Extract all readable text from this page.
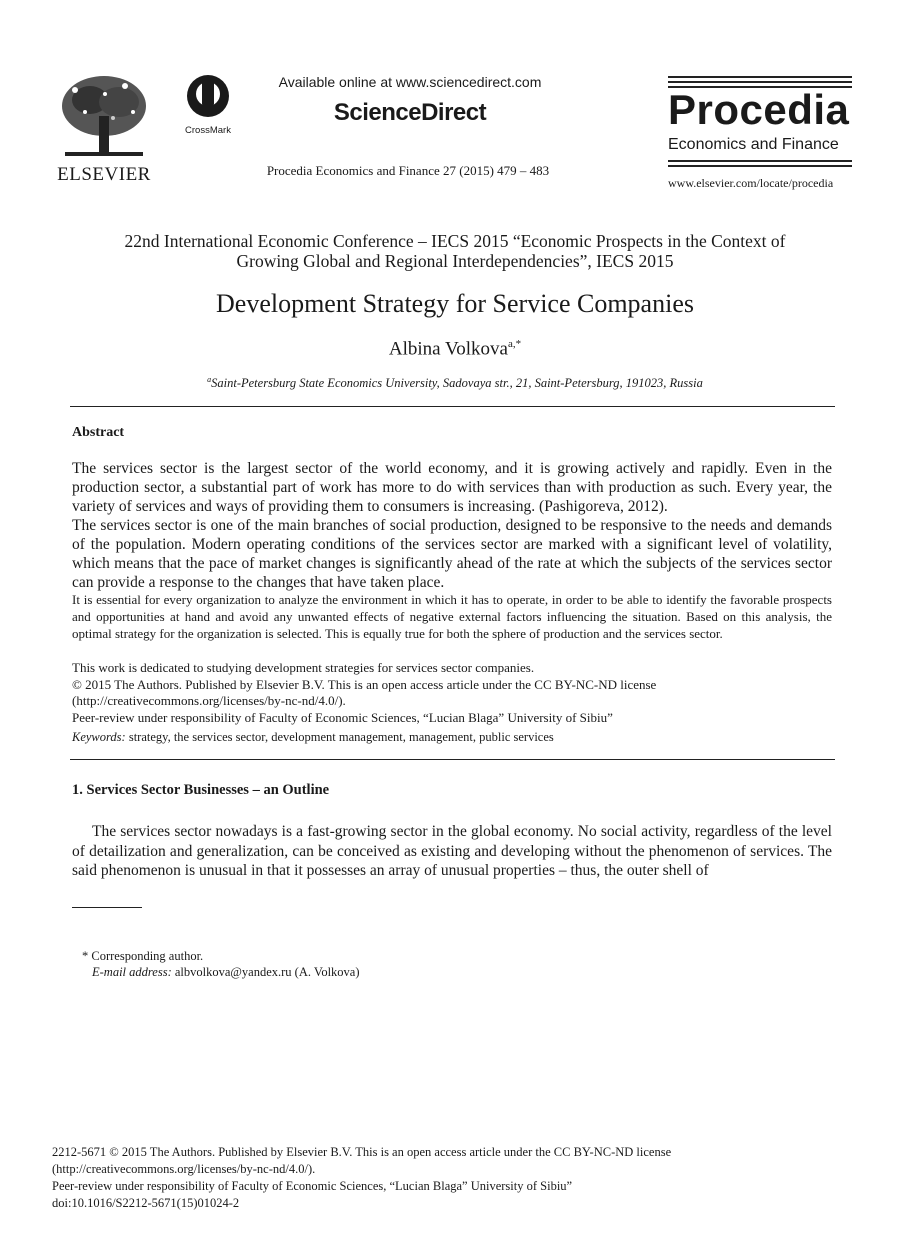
ELSEVIER
CrossMark
Available online at www.sciencedirect.com
ScienceDirect
Procedia Economics and Finance 27 (2015) 479 – 483
Procedia
Economics and Finance
www.elsevier.com/locate/procedia
22nd International Economic Conference – IECS 2015 “Economic Prospects in the Context of
Growing Global and Regional Interdependencies”, IECS 2015
Development Strategy for Service Companies
Albina Volkova$^{a,*}$
$^a$Saint-Petersburg State Economics University, Sadovaya str., 21, Saint-Petersburg, 191023, Russia
Abstract
The services sector is the largest sector of the world economy, and it is growing actively and rapidly. Even in the production sector, a substantial part of work has more to do with services than with production as such. Every year, the variety of services and ways of providing them to consumers is increasing. (Pashigoreva, 2012).
The services sector is one of the main branches of social production, designed to be responsive to the needs and demands of the population. Modern operating conditions of the services sector are marked with a significant level of volatility, which means that the pace of market changes is significantly ahead of the rate at which the subjects of the services sector can provide a response to the changes that have taken place.
It is essential for every organization to analyze the environment in which it has to operate, in order to be able to identify the favorable prospects and opportunities at hand and avoid any unwanted effects of negative external factors influencing the situation. Based on this analysis, the optimal strategy for the organization is selected. This is equally true for both the sphere of production and the services sector.
This work is dedicated to studying development strategies for services sector companies.
© 2015 The Authors. Published by Elsevier B.V. This is an open access article under the CC BY-NC-ND license
(http://creativecommons.org/licenses/by-nc-nd/4.0/).
Peer-review under responsibility of Faculty of Economic Sciences, “Lucian Blaga” University of Sibiu”
Keywords: strategy, the services sector, development management, management, public services
1. Services Sector Businesses – an Outline
The services sector nowadays is a fast-growing sector in the global economy. No social activity, regardless of the level of detailization and generalization, can be conceived as existing and developing without the phenomenon of services. The said phenomenon is unusual in that it possesses an array of unusual properties – thus, the outer shell of
* Corresponding author.
E-mail address: albvolkova@yandex.ru (A. Volkova)
2212-5671 © 2015 The Authors. Published by Elsevier B.V. This is an open access article under the CC BY-NC-ND license
(http://creativecommons.org/licenses/by-nc-nd/4.0/).
Peer-review under responsibility of Faculty of Economic Sciences, “Lucian Blaga” University of Sibiu”
doi:10.1016/S2212-5671(15)01024-2
